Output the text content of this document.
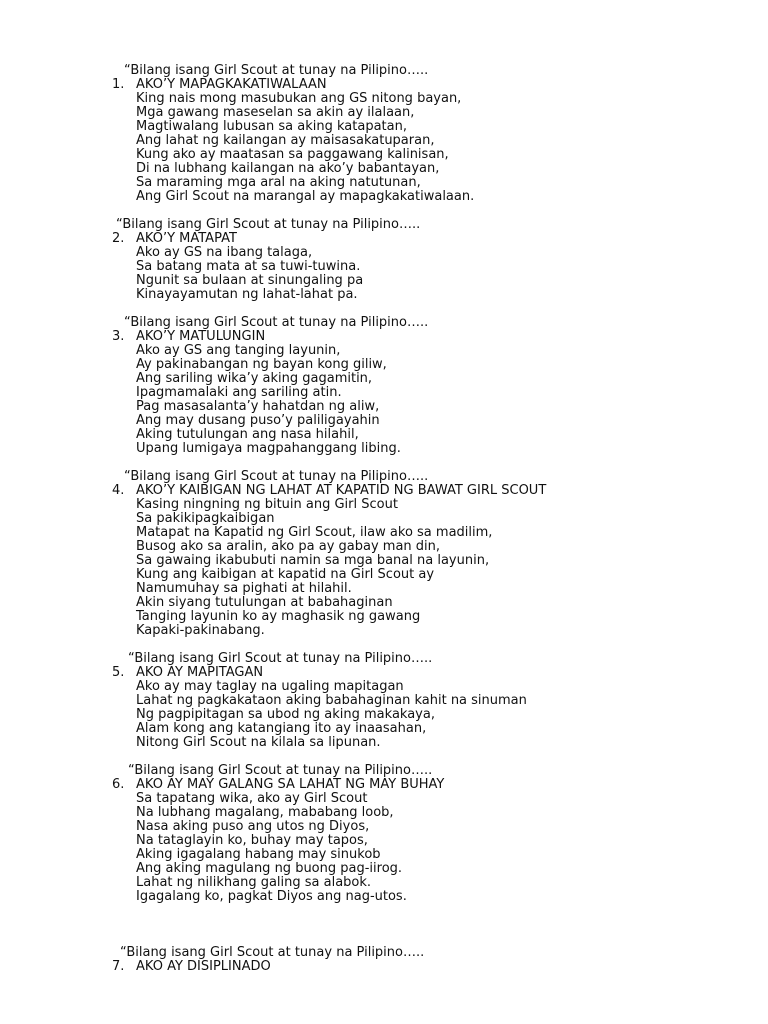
“Bilang isang Girl Scout at tunay na Pilipino…..

1. AKO’Y MAPAGKAKATIWALAAN

King nais mong masubukan ang GS nitong bayan,

Mga gawang maseselan sa akin ay ilalaan,

Magtiwalang lubusan sa aking katapatan,

Ang lahat ng kailangan ay maisasakatuparan,

Kung ako ay maatasan sa paggawang kalinisan,

Di na lubhang kailangan na ako’y babantayan,

Sa maraming mga aral na aking natutunan,

Ang Girl Scout na marangal ay mapagkakatiwalaan.

“Bilang isang Girl Scout at tunay na Pilipino…..

2. AKO’Y MATAPAT

Ako ay GS na ibang talaga,

Sa batang mata at sa tuwi-tuwina.

Ngunit sa bulaan at sinungaling pa

Kinayayamutan ng lahat-lahat pa.

“Bilang isang Girl Scout at tunay na Pilipino…..

3. AKO’Y MATULUNGIN

Ako ay GS ang tanging layunin,

Ay pakinabangan ng bayan kong giliw,

Ang sariling wika’y aking gagamitin,

Ipagmamalaki ang sariling atin.

Pag masasalanta’y hahatdan ng aliw,

Ang may dusang puso’y paliligayahin

Aking tutulungan ang nasa hilahil,

Upang lumigaya magpahanggang libing.

“Bilang isang Girl Scout at tunay na Pilipino…..

4. AKO’Y KAIBIGAN NG LAHAT AT KAPATID NG BAWAT GIRL SCOUT

Kasing ningning ng bituin ang Girl Scout

Sa pakikipagkaibigan

Matapat na Kapatid ng Girl Scout, ilaw ako sa madilim,

Busog ako sa aralin, ako pa ay gabay man din,

Sa gawaing ikabubuti namin sa mga banal na layunin,

Kung ang kaibigan at kapatid na Girl Scout ay

Namumuhay sa pighati at hilahil.

Akin siyang tutulungan at babahaginan

Tanging layunin ko ay maghasik ng gawang

Kapaki-pakinabang.

“Bilang isang Girl Scout at tunay na Pilipino…..

5. AKO AY MAPITAGAN

Ako ay may taglay na ugaling mapitagan

Lahat ng pagkakataon aking babahaginan kahit na sinuman

Ng pagpipitagan sa ubod ng aking makakaya,

Alam kong ang katangiang ito ay inaasahan,

Nitong Girl Scout na kilala sa lipunan.

“Bilang isang Girl Scout at tunay na Pilipino…..

6. AKO AY MAY GALANG SA LAHAT NG MAY BUHAY

Sa tapatang wika, ako ay Girl Scout

Na lubhang magalang, mababang loob,

Nasa aking puso ang utos ng Diyos,

Na tataglayin ko, buhay may tapos,

Aking igagalang habang may sinukob

Ang aking magulang ng buong pag-iirog.

Lahat ng nilikhang galing sa alabok.

Igagalang ko, pagkat Diyos ang nag-utos.

“Bilang isang Girl Scout at tunay na Pilipino…..

7. AKO AY DISIPLINADO
